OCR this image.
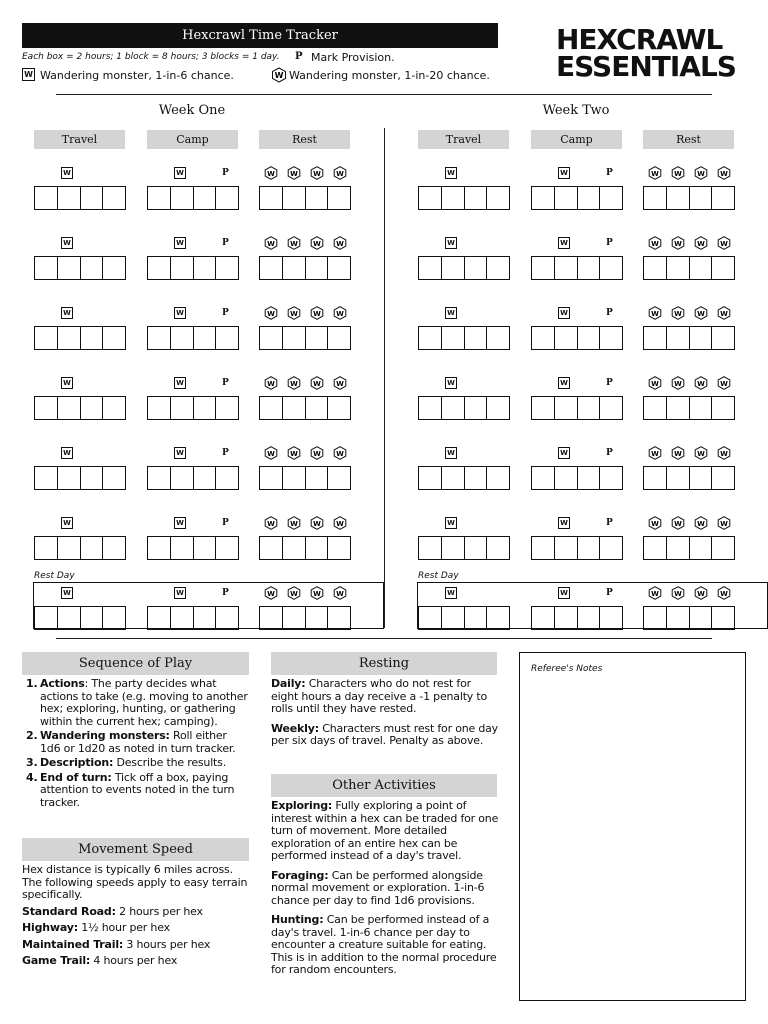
Hexcrawl Time Tracker
Each box = 2 hours; 1 block = 8 hours; 3 blocks = 1 day. P Mark Provision.
W Wandering monster, 1-in-6 chance.	W Wandering monster, 1-in-20 chance.
HEXCRAWL
ESSENTIALS
Week One	Week Two
Travel	Camp	Rest
W	W	P	W W W W
W	W	P	W W W W
W	W	P	W W W W
W	W	P	W W W W
W	W	P	W W W W
W	W	P	W W W W
Rest Day
W	W	P	W W W W
Travel	Camp	Rest
W	W	P	W W W W
W	W	P	W W W W
W	W	P	W W W W
W	W	P	W W W W
W	W	P	W W W W
W	W	P	W W W W
Rest Day
W	W	P	W W W W
Sequence of Play
1. Actions: The party decides what actions to take (e.g. moving to another hex; exploring, hunting, or gathering within the current hex; camping).
2. Wandering monsters: Roll either 1d6 or 1d20 as noted in turn tracker.
3. Description: Describe the results.
4. End of turn: Tick off a box, paying attention to events noted in the turn tracker.
Movement Speed

Hex distance is typically 6 miles across. The following speeds apply to easy terrain specifically.

Standard Road: 2 hours per hex
Highway: 1½ hour per hex
Maintained Trail: 3 hours per hex
Game Trail: 4 hours per hex
Resting

Daily: Characters who do not rest for eight hours a day receive a -1 penalty to rolls until they have rested.

Weekly: Characters must rest for one day per six days of travel. Penalty as above.

Other Activities

Exploring: Fully exploring a point of interest within a hex can be traded for one turn of movement. More detailed exploration of an entire hex can be performed instead of a day's travel.

Foraging: Can be performed alongside normal movement or exploration. 1-in-6 chance per day to find 1d6 provisions.

Hunting: Can be performed instead of a day's travel. 1-in-6 chance per day to encounter a creature suitable for eating. This is in addition to the normal procedure for random encounters.

Referee's Notes
